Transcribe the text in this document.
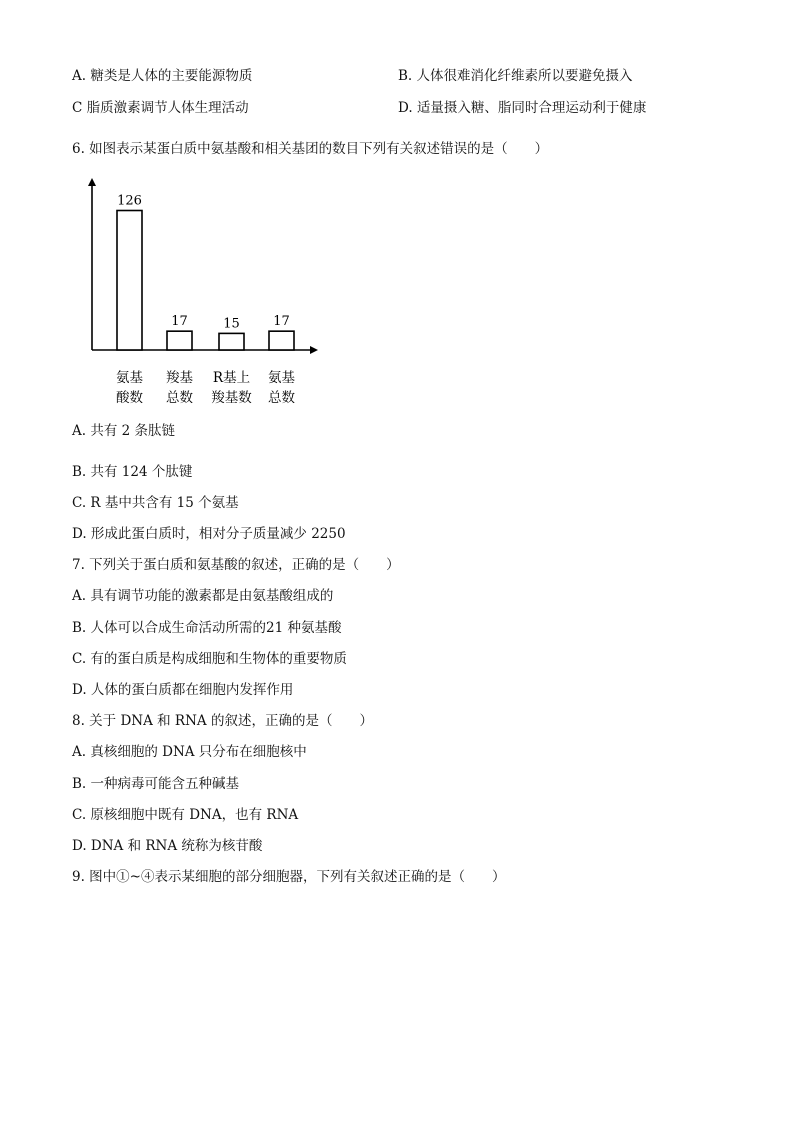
A. 糖类是人体的主要能源物质	B. 人体很难消化纤维素所以要避免摄入
C 脂质激素调节人体生理活动	D. 适量摄入糖、脂同时合理运动利于健康
6. 如图表示某蛋白质中氨基酸和相关基团的数目下列有关叙述错误的是（　　）
126
氨基
酸数
17
羧基
总数
15
R基上
羧基数
17
氨基
总数
A. 共有 2 条肽链
B. 共有 124 个肽键
C. R 基中共含有 15 个氨基
D. 形成此蛋白质时，相对分子质量减少 2250
7. 下列关于蛋白质和氨基酸的叙述，正确的是（　　）
A. 具有调节功能的激素都是由氨基酸组成的
B. 人体可以合成生命活动所需的21 种氨基酸
C. 有的蛋白质是构成细胞和生物体的重要物质
D. 人体的蛋白质都在细胞内发挥作用
8. 关于 DNA 和 RNA 的叙述，正确的是（　　）
A. 真核细胞的 DNA 只分布在细胞核中
B. 一种病毒可能含五种碱基
C. 原核细胞中既有 DNA，也有 RNA
D. DNA 和 RNA 统称为核苷酸
9. 图中①~④表示某细胞的部分细胞器，下列有关叙述正确的是（　　）
